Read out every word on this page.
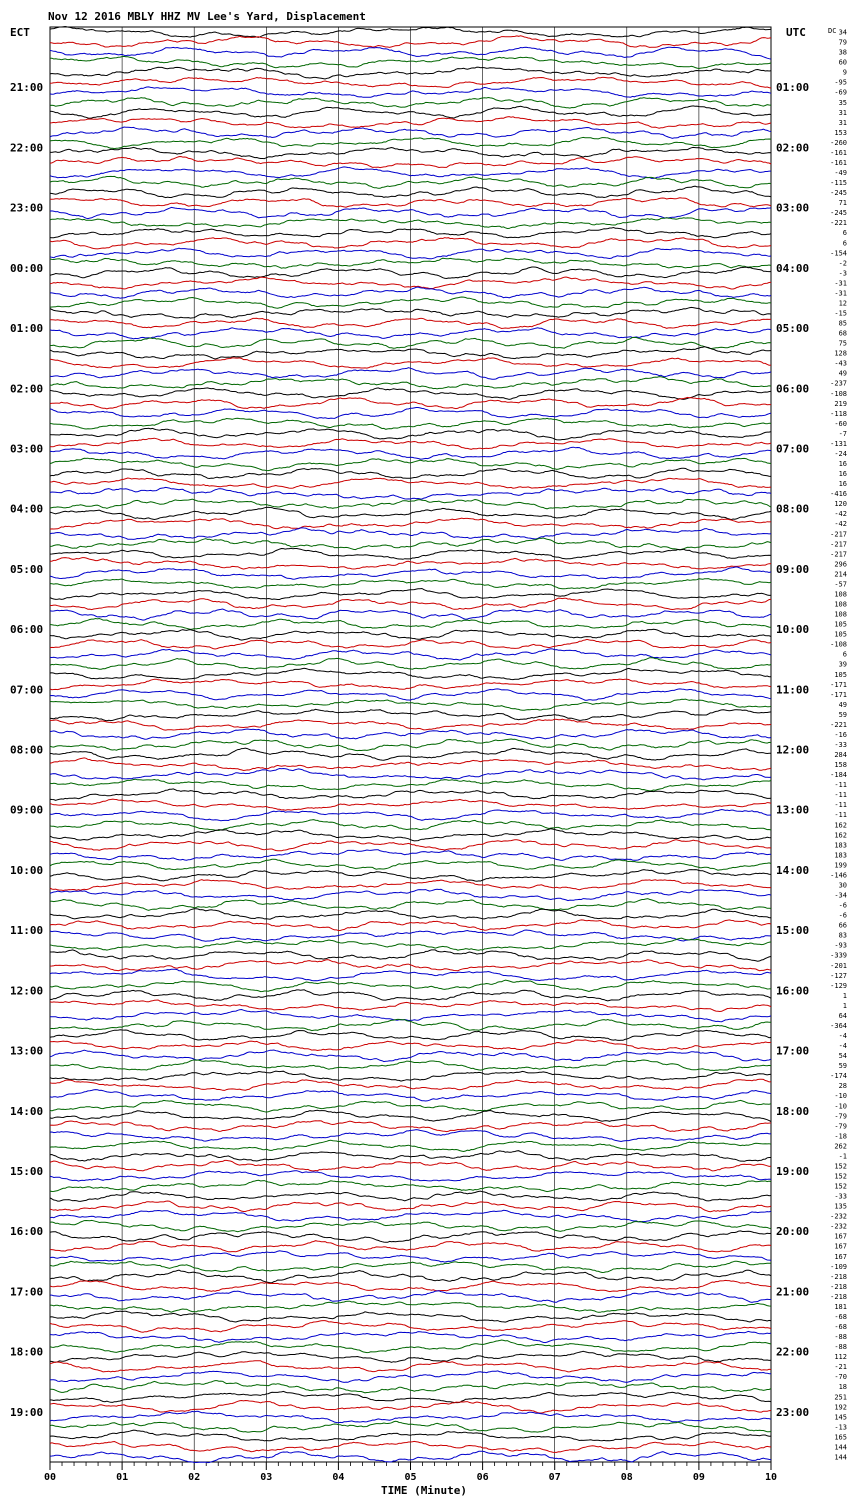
Nov 12 2016 MBLY HHZ MV Lee's Yard, Displacement
ECT	UTC	DC
TIME (Minute)
00	01	02	03	04	05	06	07	08	09	10
34
79
38
60
9
-95
-69
35
31
31
153
-260
-161
-161
-49
-115
-245
71
-245
-221
6
6
-154
-2
-3
-31
-31
12
-15
85
68
75
128
-43
49
-237
-108
219
-118
-60
-7
-131
-24
16
16
16
-416
120
-42
-42
-217
-217
-217
296
214
-57
108
108
108
105
105
-108
6
39
105
-171
-171
49
59
-221
-16
-33
284
158
-184
-11
-11
-11
-11
162
162
183
183
199
-146
30
-34
-6
-6
66
83
-93
-339
-201
-127
-129
1
1
64
-364
-4
-4
54
59
-174
28
-10
-10
-79
-79
-18
262
-1
152
152
152
-33
135
-232
-232
167
167
167
-109
-218
-218
-218
181
-68
-68
-88
-88
112
-21
-70
18
251
192
145
-13
165
144
144
21:00	01:00
22:00	02:00
23:00	03:00
00:00	04:00
01:00	05:00
02:00	06:00
03:00	07:00
04:00	08:00
05:00	09:00
06:00	10:00
07:00	11:00
08:00	12:00
09:00	13:00
10:00	14:00
11:00	15:00
12:00	16:00
13:00	17:00
14:00	18:00
15:00	19:00
16:00	20:00
17:00	21:00
18:00	22:00
19:00	23:00
